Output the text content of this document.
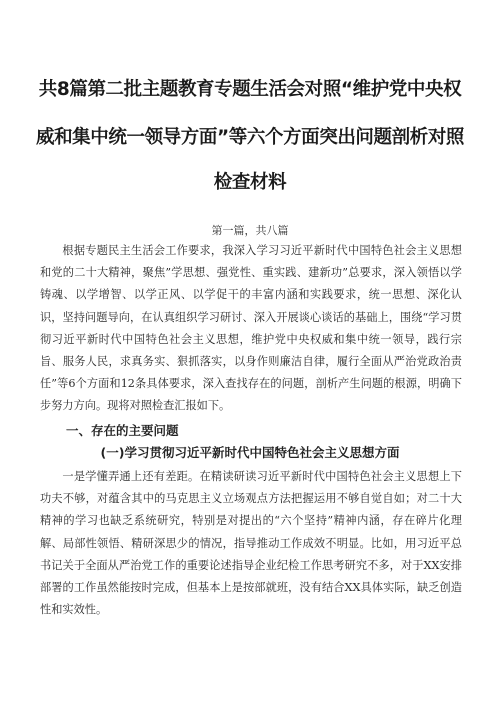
共8篇第二批主题教育专题生活会对照“维护党中央权
威和集中统一领导方面”等六个方面突出问题剖析对照
检查材料
第一篇，共八篇

根据专题民主生活会工作要求，我深入学习习近平新时代中国特色社会主义思想和党的二十大精神，聚焦”学思想、强党性、重实践、建新功”总要求，深入领悟以学铸魂、以学增智、以学正风、以学促干的丰富内涵和实践要求，统一思想、深化认识，坚持问题导向，在认真组织学习研讨、深入开展谈心谈话的基础上，围绕“学习贯彻习近平新时代中国特色社会主义思想，维护党中央权威和集中统一领导，践行宗旨、服务人民，求真务实、狠抓落实，以身作则廉洁自律，履行全面从严治党政治责任”等6个方面和12条具体要求，深入查找存在的问题，剖析产生问题的根源，明确下步努力方向。现将对照检查汇报如下。

一、存在的主要问题
(一)学习贯彻习近平新时代中国特色社会主义思想方面

一是学懂弄通上还有差距。在精读研读习近平新时代中国特色社会主义思想上下功夫不够，对蕴含其中的马克思主义立场观点方法把握运用不够自觉自如；对二十大精神的学习也缺乏系统研究，特别是对提出的“六个坚持”精神内涵，存在碎片化理解、局部性领悟、精研深思少的情况，指导推动工作成效不明显。比如，用习近平总书记关于全面从严治党工作的重要论述指导企业纪检工作思考研究不多，对于XX安排部署的工作虽然能按时完成，但基本上是按部就班，没有结合XX具体实际，缺乏创造性和实效性。
